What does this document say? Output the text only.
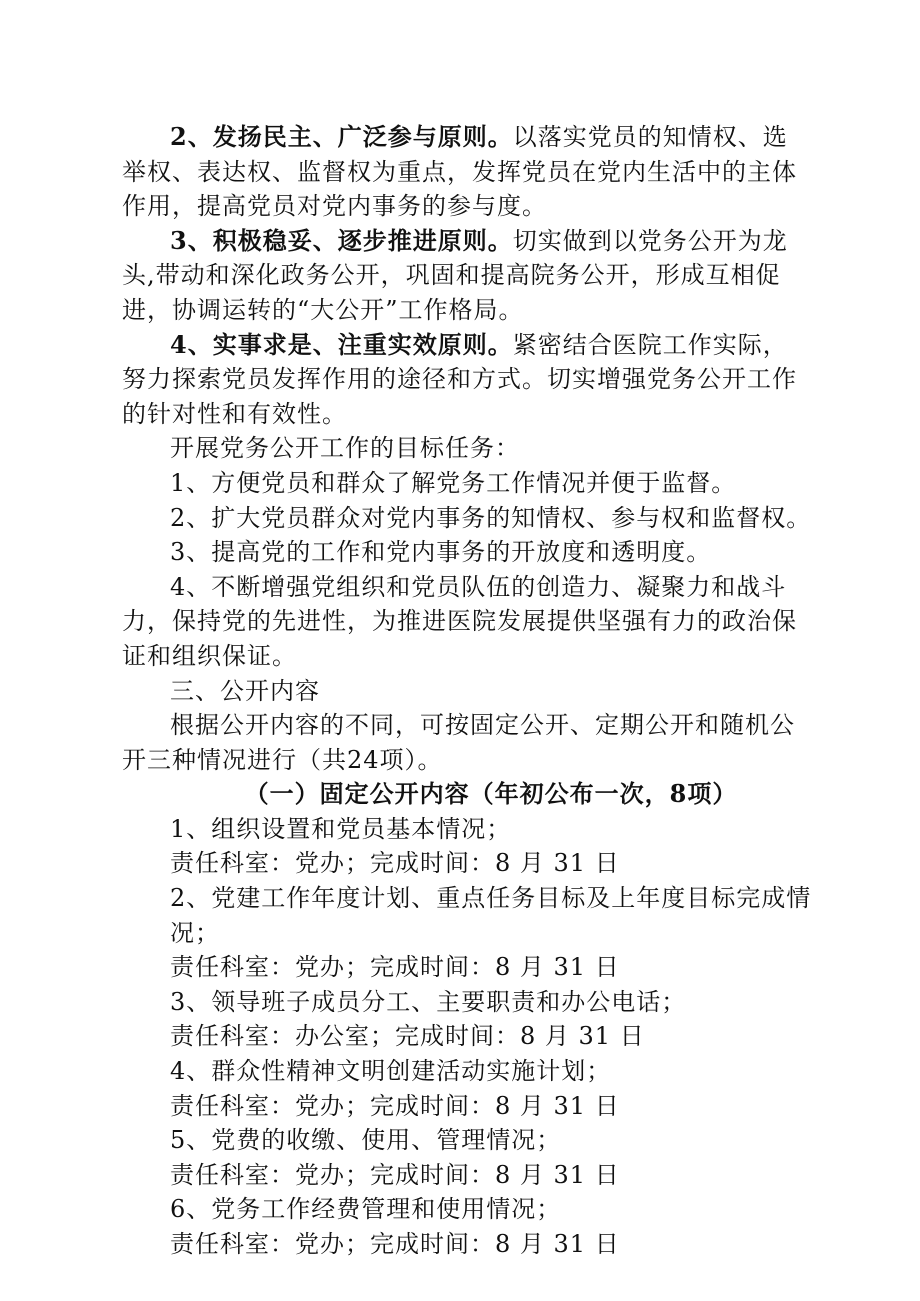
2、发扬民主、广泛参与原则。以落实党员的知情权、选举权、表达权、监督权为重点，发挥党员在党内生活中的主体作用，提高党员对党内事务的参与度。

3、积极稳妥、逐步推进原则。切实做到以党务公开为龙头,带动和深化政务公开，巩固和提高院务公开，形成互相促进，协调运转的“大公开”工作格局。

4、实事求是、注重实效原则。紧密结合医院工作实际，努力探索党员发挥作用的途径和方式。切实增强党务公开工作的针对性和有效性。

开展党务公开工作的目标任务：

1、方便党员和群众了解党务工作情况并便于监督。

2、扩大党员群众对党内事务的知情权、参与权和监督权。

3、提高党的工作和党内事务的开放度和透明度。

4、不断增强党组织和党员队伍的创造力、凝聚力和战斗力，保持党的先进性，为推进医院发展提供坚强有力的政治保证和组织保证。

三、公开内容

根据公开内容的不同，可按固定公开、定期公开和随机公开三种情况进行（共24项）。

（一）固定公开内容（年初公布一次，8项）

1、组织设置和党员基本情况；

责任科室：党办；完成时间：8 月 31 日

2、党建工作年度计划、重点任务目标及上年度目标完成情况；

责任科室：党办；完成时间：8 月 31 日

3、领导班子成员分工、主要职责和办公电话；

责任科室：办公室；完成时间：8 月 31 日

4、群众性精神文明创建活动实施计划；

责任科室：党办；完成时间：8 月 31 日

5、党费的收缴、使用、管理情况；

责任科室：党办；完成时间：8 月 31 日

6、党务工作经费管理和使用情况；

责任科室：党办；完成时间：8 月 31 日
